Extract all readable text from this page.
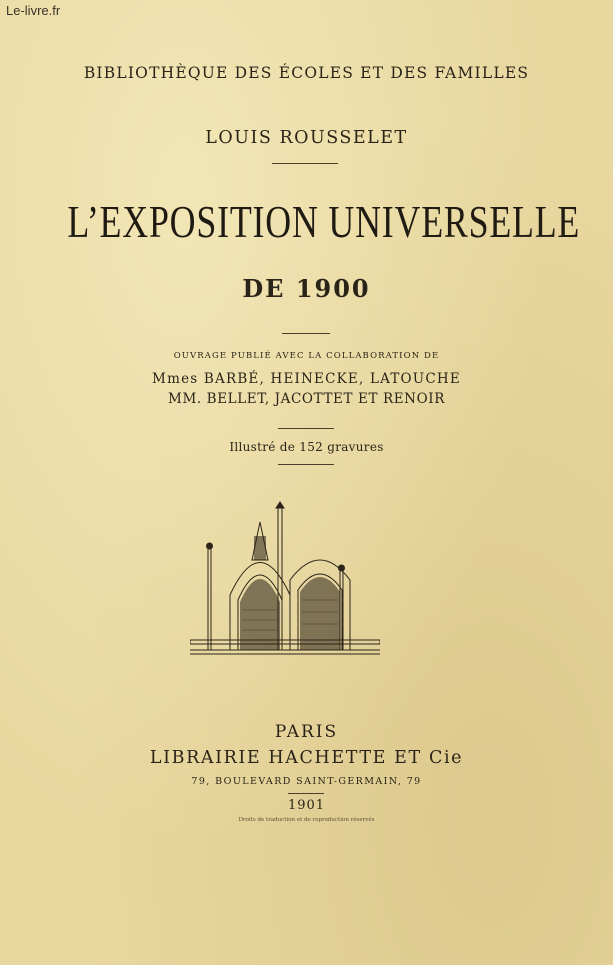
Le-livre.fr
BIBLIOTHÈQUE DES ÉCOLES ET DES FAMILLES
LOUIS ROUSSELET
L’EXPOSITION UNIVERSELLE
DE 1900
OUVRAGE PUBLIÉ AVEC LA COLLABORATION DE
Mmes BARBÉ, HEINECKE, LATOUCHE
MM. BELLET, JACOTTET ET RENOIR
Illustré de 152 gravures
PARIS
LIBRAIRIE HACHETTE ET Cie
79, BOULEVARD SAINT-GERMAIN, 79
1901
Droits de traduction et de reproduction réservés
